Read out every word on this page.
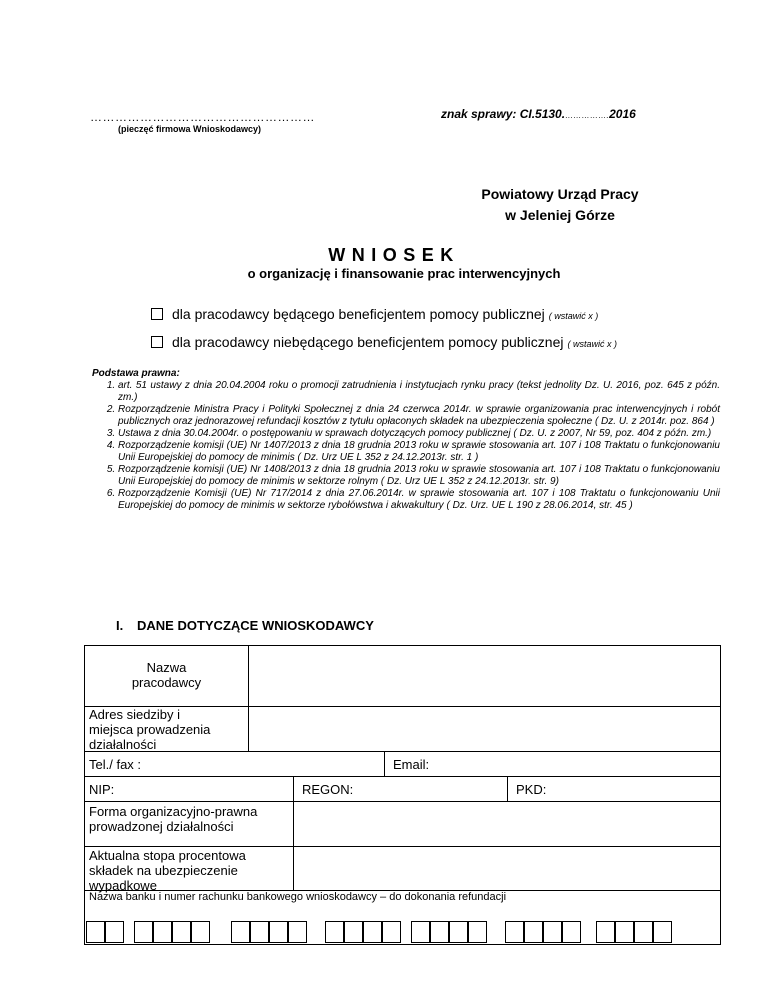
………………………………………………
(pieczęć firmowa Wnioskodawcy)
znak sprawy: CI.5130.…………….2016
Powiatowy Urząd Pracy
w Jeleniej Górze
WNIOSEK
o organizację i finansowanie prac interwencyjnych
dla pracodawcy będącego beneficjentem pomocy publicznej ( wstawić x )
dla pracodawcy niebędącego beneficjentem pomocy publicznej ( wstawić x )
Podstawa prawna:
1. art. 51 ustawy z dnia 20.04.2004 roku o promocji zatrudnienia i instytucjach rynku pracy (tekst jednolity Dz. U. 2016, poz. 645 z późn. zm.)
2. Rozporządzenie Ministra Pracy i Polityki Społecznej z dnia 24 czerwca 2014r. w sprawie organizowania prac interwencyjnych i robót publicznych oraz jednorazowej refundacji kosztów z tytułu opłaconych składek na ubezpieczenia społeczne ( Dz. U. z 2014r. poz. 864 )
3. Ustawa z dnia 30.04.2004r. o postępowaniu w sprawach dotyczących pomocy publicznej ( Dz. U. z 2007, Nr 59, poz. 404 z późn. zm.)
4. Rozporządzenie komisji (UE) Nr 1407/2013 z dnia 18 grudnia 2013 roku w sprawie stosowania art. 107 i 108 Traktatu o funkcjonowaniu Unii Europejskiej do pomocy de minimis ( Dz. Urz UE L 352 z 24.12.2013r. str. 1 )
5. Rozporządzenie komisji (UE) Nr 1408/2013 z dnia 18 grudnia 2013 roku w sprawie stosowania art. 107 i 108 Traktatu o funkcjonowaniu Unii Europejskiej do pomocy de minimis w sektorze rolnym ( Dz. Urz UE L 352 z 24.12.2013r. str. 9)
6. Rozporządzenie Komisji (UE) Nr 717/2014 z dnia 27.06.2014r. w sprawie stosowania art. 107 i 108 Traktatu o funkcjonowaniu Unii Europejskiej do pomocy de minimis w sektorze rybołówstwa i akwakultury ( Dz. Urz. UE L 190 z 28.06.2014, str. 45 )
I. DANE DOTYCZĄCE WNIOSKODAWCY
Nazwa
pracodawcy
Adres siedziby i
miejsca prowadzenia
działalności
Tel./ fax :	Email:
NIP:	REGON:	PKD:
Forma organizacyjno-prawna
prowadzonej działalności
Aktualna stopa procentowa
składek na ubezpieczenie
wypadkowe
Nazwa banku i numer rachunku bankowego wnioskodawcy – do dokonania refundacji
